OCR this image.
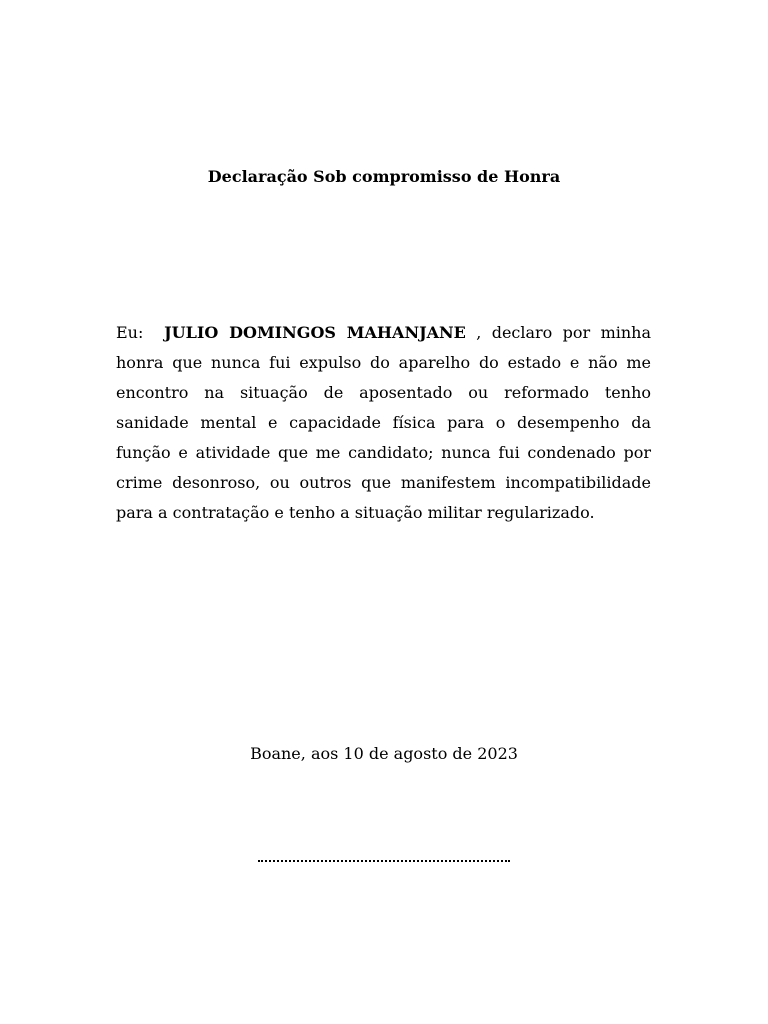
Declaração Sob compromisso de Honra

Eu:  JULIO DOMINGOS MAHANJANE , declaro por minha honra que nunca fui expulso do aparelho do estado e não me encontro na situação de aposentado ou reformado tenho sanidade mental e capacidade física para o desempenho da função e atividade que me candidato; nunca fui condenado por crime desonroso, ou outros que manifestem incompatibilidade para a contratação e tenho a situação militar regularizado.

Boane, aos 10 de agosto de 2023
